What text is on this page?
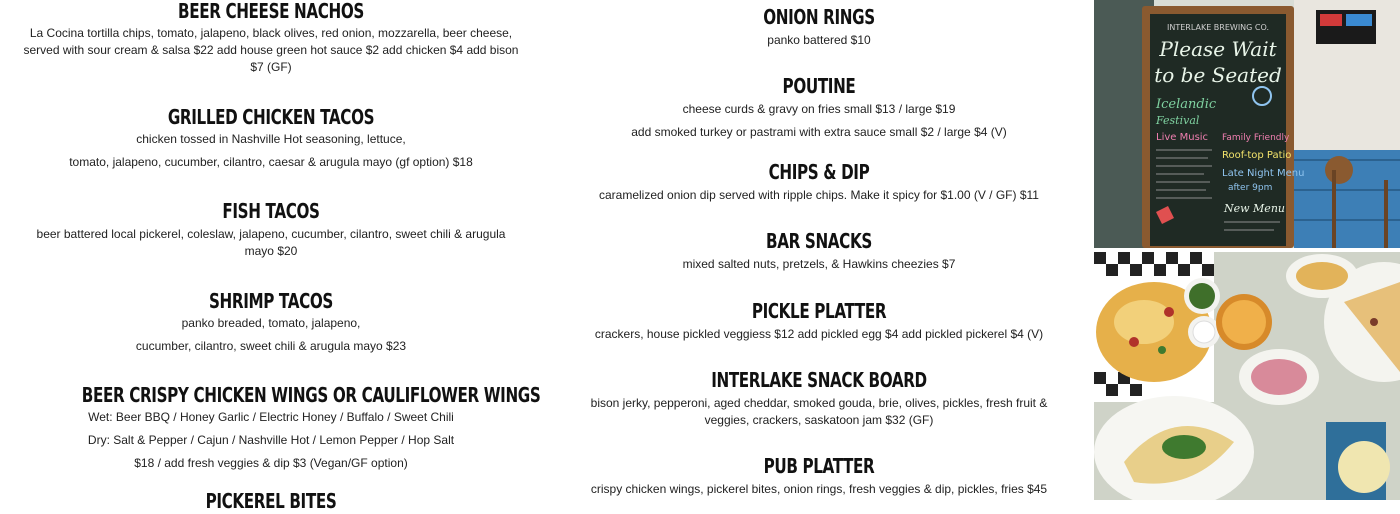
BEER CHEESE NACHOS

La Cocina tortilla chips, tomato, jalapeno, black olives, red onion, mozzarella, beer cheese, served with sour cream & salsa $22 add house green hot sauce $2 add chicken $4 add bison $7 (GF)

GRILLED CHICKEN TACOS

chicken tossed in Nashville Hot seasoning, lettuce,

tomato, jalapeno, cucumber, cilantro, caesar & arugula mayo (gf option) $18

FISH TACOS

beer battered local pickerel, coleslaw, jalapeno, cucumber, cilantro, sweet chili & arugula mayo $20

SHRIMP TACOS

panko breaded, tomato, jalapeno,

cucumber, cilantro, sweet chili & arugula mayo $23

BEER CRISPY CHICKEN WINGS OR CAULIFLOWER WINGS

Wet: Beer BBQ / Honey Garlic / Electric Honey / Buffalo / Sweet Chili

Dry: Salt & Pepper / Cajun / Nashville Hot / Lemon Pepper / Hop Salt

$18 / add fresh veggies & dip $3 (Vegan/GF option)

PICKEREL BITES
ONION RINGS

panko battered $10

POUTINE

cheese curds & gravy on fries small $13 / large $19

add smoked turkey or pastrami with extra sauce small $2 / large $4 (V)

CHIPS & DIP

caramelized onion dip served with ripple chips. Make it spicy for $1.00 (V / GF) $11

BAR SNACKS

mixed salted nuts, pretzels, & Hawkins cheezies $7

PICKLE PLATTER

crackers, house pickled veggiess $12 add pickled egg $4 add pickled pickerel $4 (V)

INTERLAKE SNACK BOARD

bison jerky, pepperoni, aged cheddar, smoked gouda, brie, olives, pickles, fresh fruit & veggies, crackers, saskatoon jam $32 (GF)

PUB PLATTER

crispy chicken wings, pickerel bites, onion rings, fresh veggies & dip, pickles, fries $45

INTERLAKE BREWING CO.
Please Wait
to be Seated
Icelandic
Festival
Live Music Family Friendly
Roof-top Patio
Late Night Menu
after 9pm
New Menu
